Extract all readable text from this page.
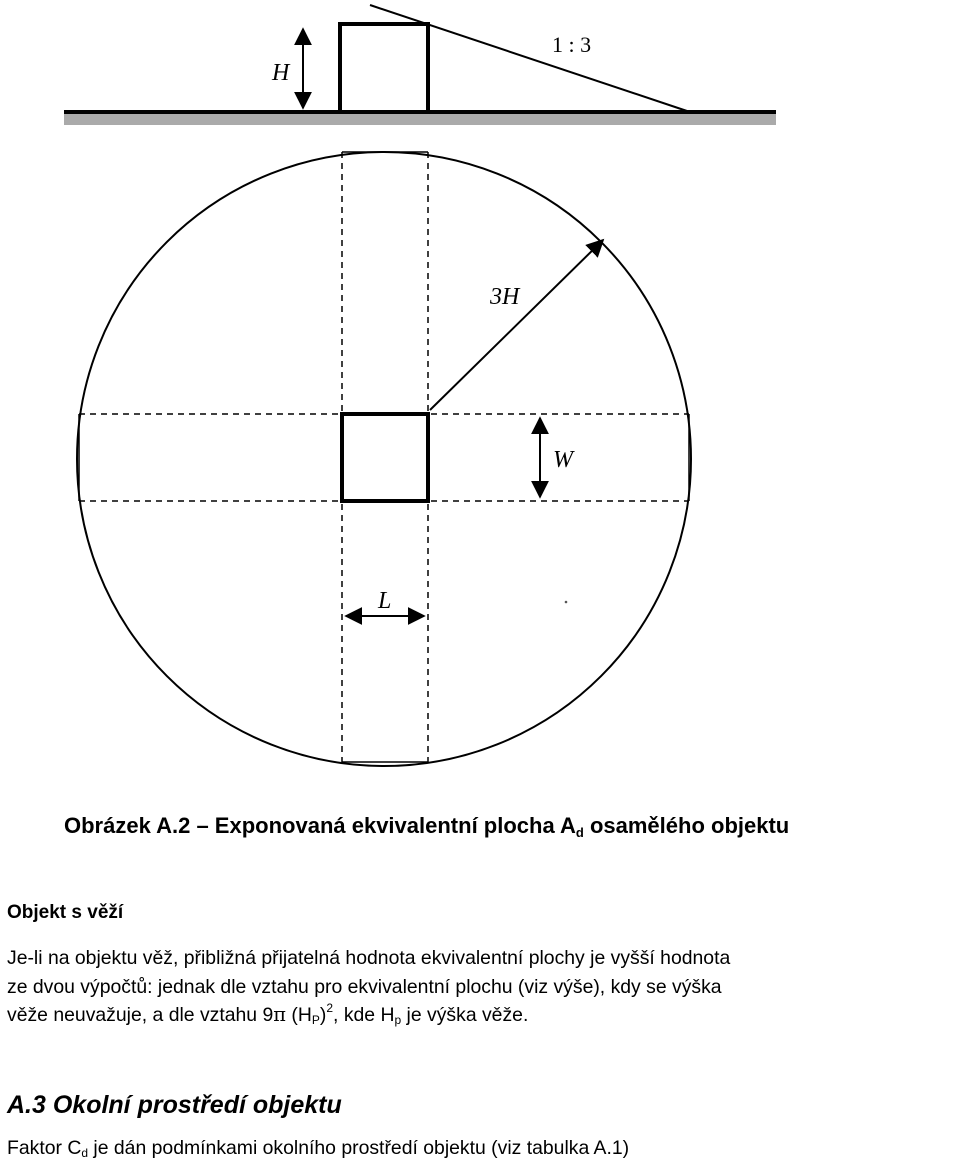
H
1 : 3
3H
W
L
Obrázek A.2 – Exponovaná ekvivalentní plocha Ad osamělého objektu
Objekt s věží
Je-li na objektu věž, přibližná přijatelná hodnota ekvivalentní plochy je vyšší hodnota
ze dvou výpočtů: jednak dle vztahu pro ekvivalentní plochu (viz výše), kdy se výška
věže neuvažuje, a dle vztahu 9π $(H_P)^2$, kde $H_p$ je výška věže.
A.3 Okolní prostředí objektu
Faktor $C_d$ je dán podmínkami okolního prostředí objektu (viz tabulka A.1)
